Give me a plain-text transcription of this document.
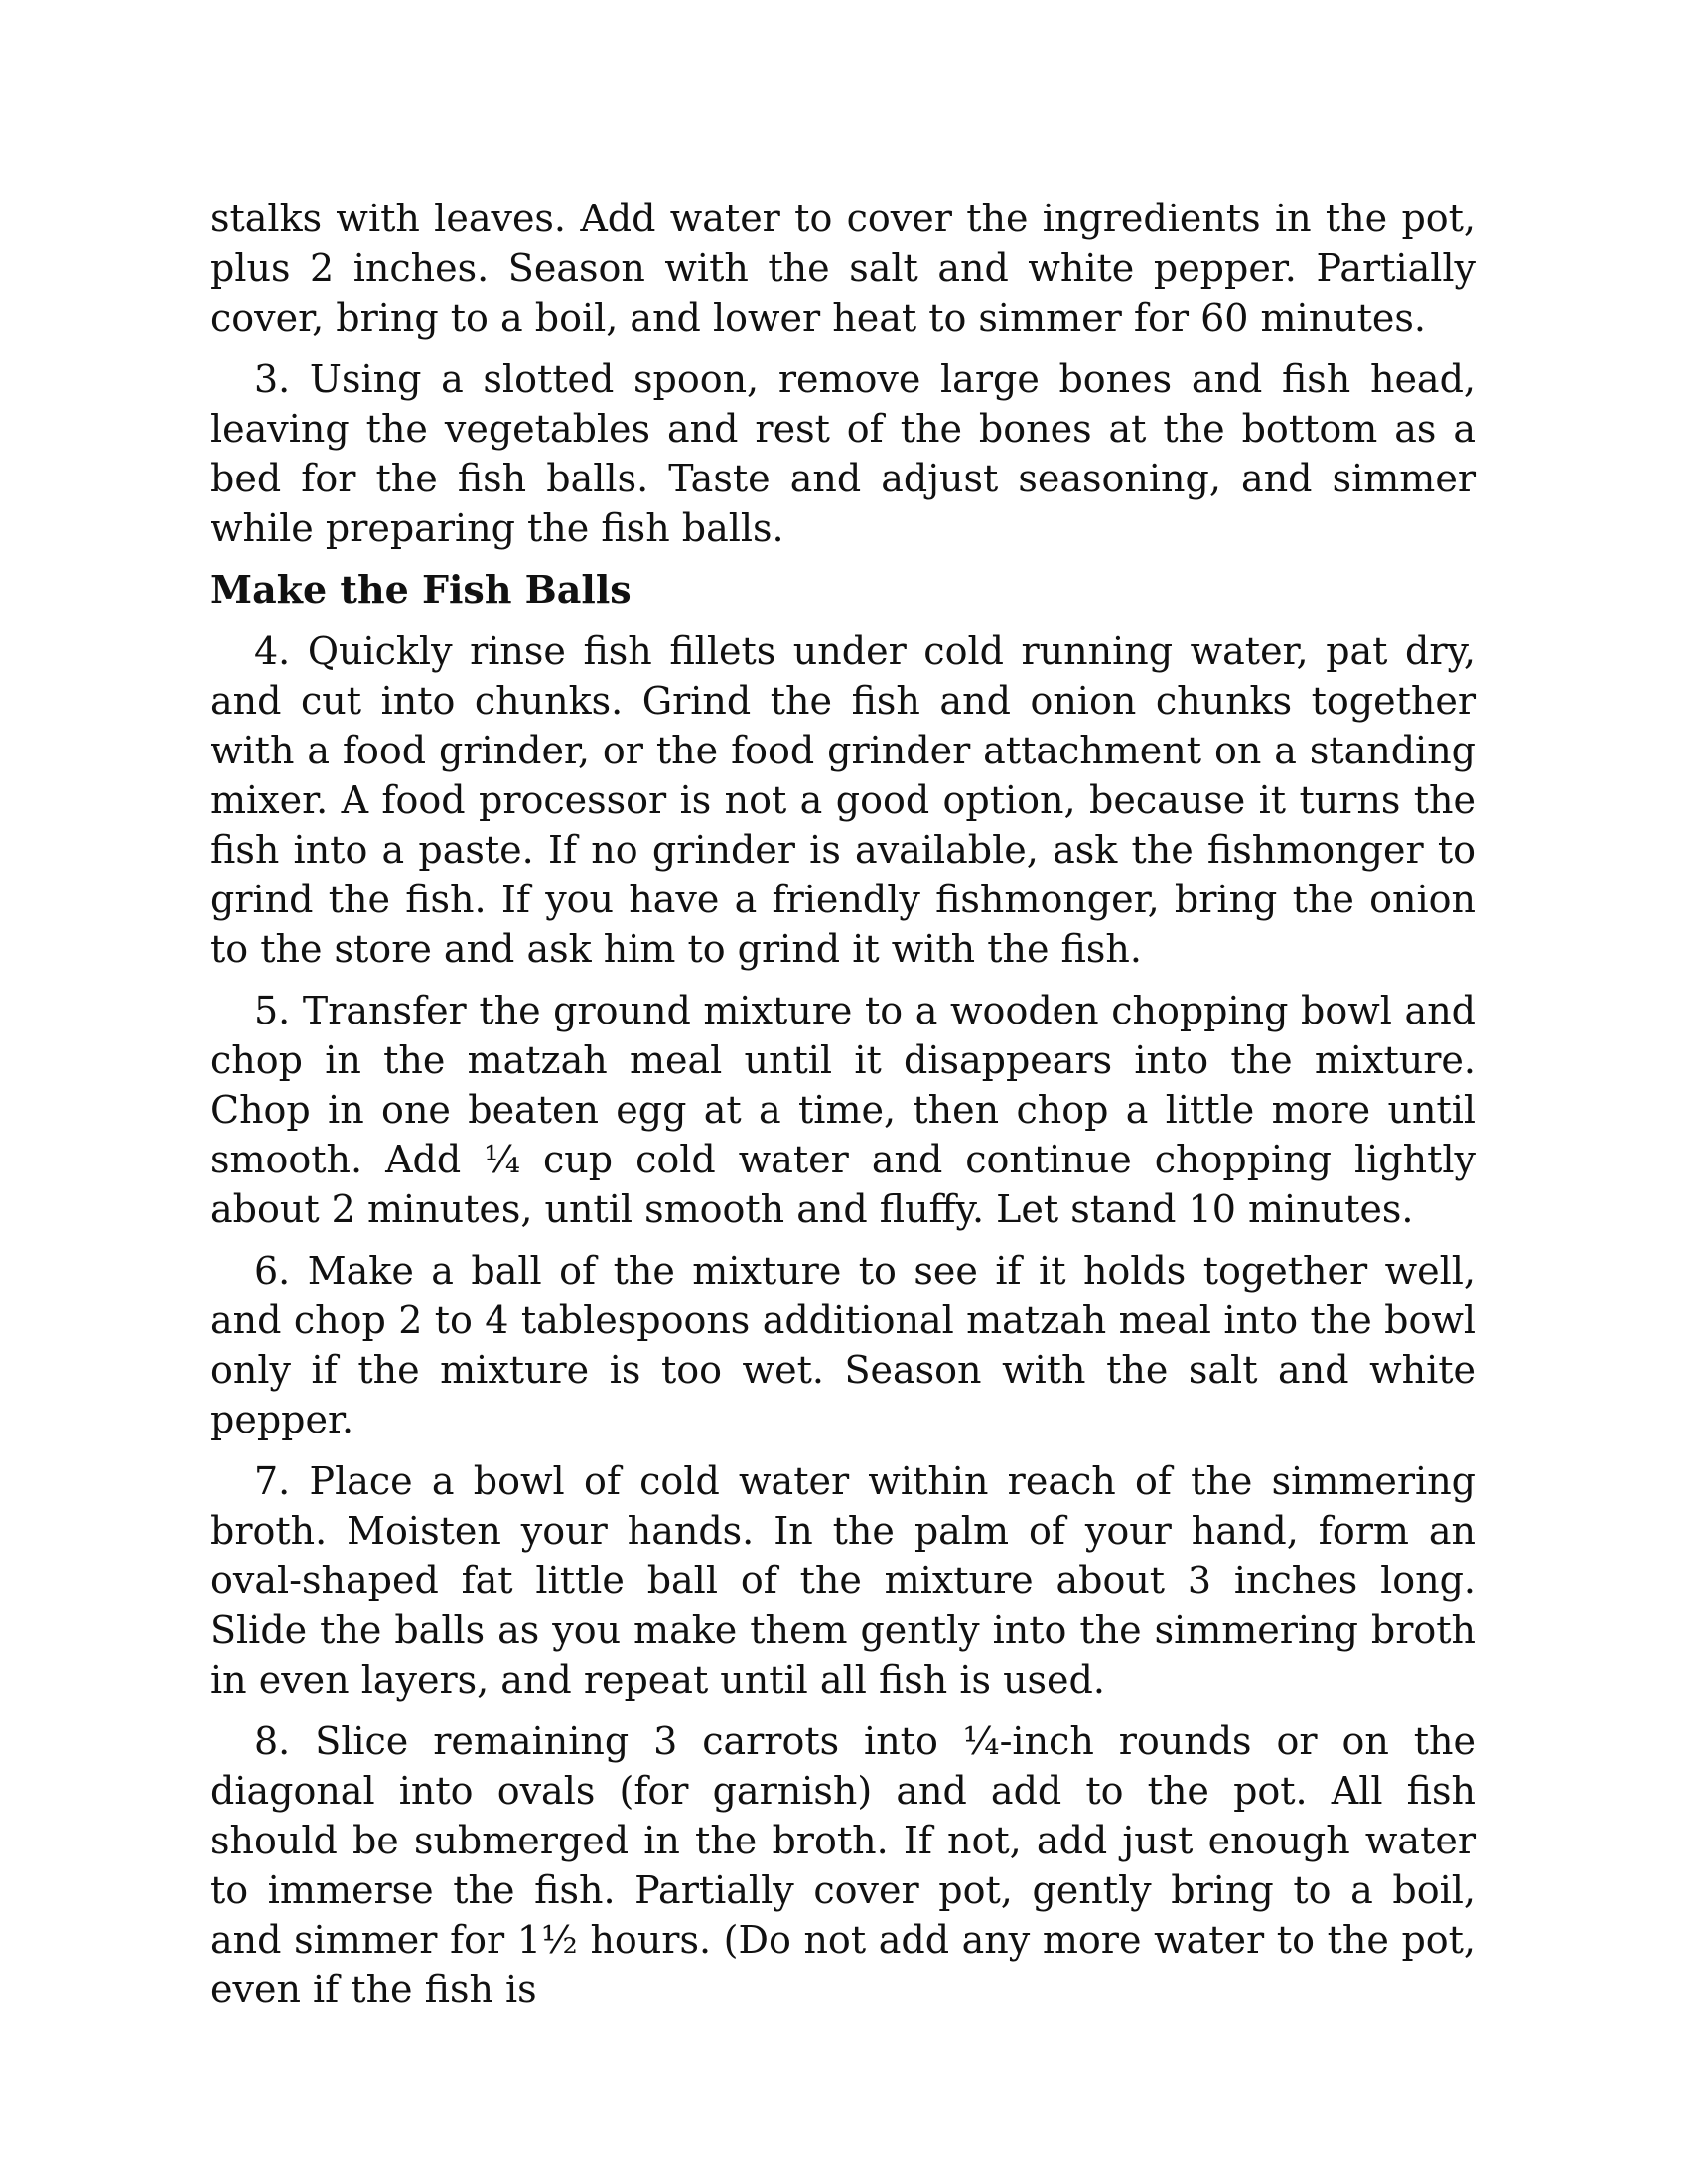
stalks with leaves. Add water to cover the ingredients in the pot, plus 2 inches. Season with the salt and white pepper. Partially cover, bring to a boil, and lower heat to simmer for 60 minutes.

3. Using a slotted spoon, remove large bones and fish head, leaving the vegetables and rest of the bones at the bottom as a bed for the fish balls. Taste and adjust seasoning, and simmer while preparing the fish balls.

Make the Fish Balls

4. Quickly rinse fish fillets under cold running water, pat dry, and cut into chunks. Grind the fish and onion chunks together with a food grinder, or the food grinder attachment on a standing mixer. A food processor is not a good option, because it turns the fish into a paste. If no grinder is available, ask the fishmonger to grind the fish. If you have a friendly fishmonger, bring the onion to the store and ask him to grind it with the fish.

5. Transfer the ground mixture to a wooden chopping bowl and chop in the matzah meal until it disappears into the mixture. Chop in one beaten egg at a time, then chop a little more until smooth. Add ¼ cup cold water and continue chopping lightly about 2 minutes, until smooth and fluffy. Let stand 10 minutes.

6. Make a ball of the mixture to see if it holds together well, and chop 2 to 4 tablespoons additional matzah meal into the bowl only if the mixture is too wet. Season with the salt and white pepper.

7. Place a bowl of cold water within reach of the simmering broth. Moisten your hands. In the palm of your hand, form an oval-shaped fat little ball of the mixture about 3 inches long. Slide the balls as you make them gently into the simmering broth in even layers, and repeat until all fish is used.

8. Slice remaining 3 carrots into ¼-inch rounds or on the diagonal into ovals (for garnish) and add to the pot. All fish should be submerged in the broth. If not, add just enough water to immerse the fish. Partially cover pot, gently bring to a boil, and simmer for 1½ hours. (Do not add any more water to the pot, even if the fish is
